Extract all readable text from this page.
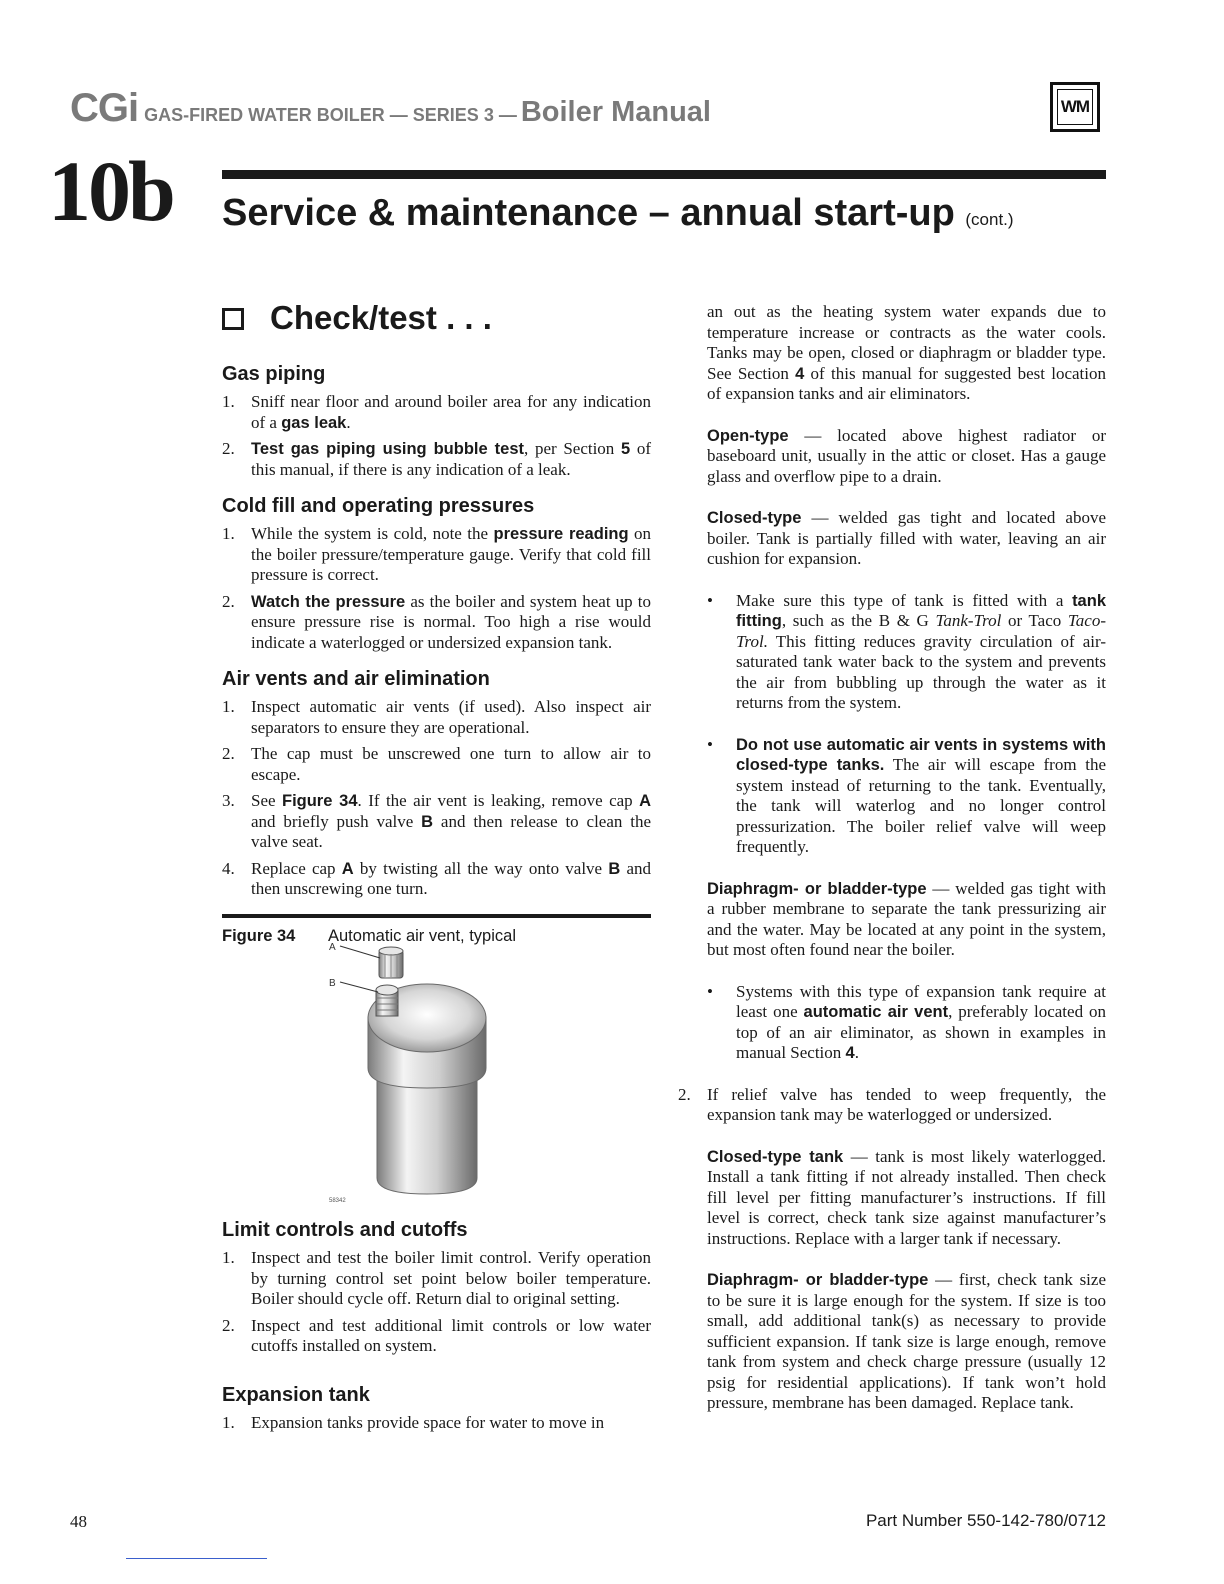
CGi GAS-FIRED WATER BOILER — SERIES 3 — Boiler Manual	WM
10b Service & maintenance – annual start-up (cont.)
Check/test . . .
Gas piping
1. Sniff near floor and around boiler area for any indication of a gas leak.
2. Test gas piping using bubble test, per Section 5 of this manual, if there is any indication of a leak.
Cold fill and operating pressures
1. While the system is cold, note the pressure reading on the boiler pressure/temperature gauge. Verify that cold fill pressure is correct.
2. Watch the pressure as the boiler and system heat up to ensure pressure rise is normal. Too high a rise would indicate a waterlogged or undersized expansion tank.
Air vents and air elimination
1. Inspect automatic air vents (if used). Also inspect air separators to ensure they are operational.
2. The cap must be unscrewed one turn to allow air to escape.
3. See Figure 34. If the air vent is leaking, remove cap A and briefly push valve B and then release to clean the valve seat.
4. Replace cap A by twisting all the way onto valve B and then unscrewing one turn.
Figure 34 Automatic air vent, typical
A
B
58342
Limit controls and cutoffs
1. Inspect and test the boiler limit control. Verify operation by turning control set point below boiler temperature. Boiler should cycle off. Return dial to original setting.
2. Inspect and test additional limit controls or low water cutoffs installed on system.
Expansion tank
1. Expansion tanks provide space for water to move in

an out as the heating system water expands due to temperature increase or contracts as the water cools. Tanks may be open, closed or diaphragm or bladder type. See Section 4 of this manual for suggested best location of expansion tanks and air eliminators.

Open-type — located above highest radiator or baseboard unit, usually in the attic or closet. Has a gauge glass and overflow pipe to a drain.

Closed-type — welded gas tight and located above boiler. Tank is partially filled with water, leaving an air cushion for expansion.

• Make sure this type of tank is fitted with a tank fitting, such as the B & G Tank-Trol or Taco Taco-Trol. This fitting reduces gravity circulation of air-saturated tank water back to the system and prevents the air from bubbling up through the water as it returns from the system.
• Do not use automatic air vents in systems with closed-type tanks. The air will escape from the system instead of returning to the tank. Eventually, the tank will waterlog and no longer control pressurization. The boiler relief valve will weep frequently.

Diaphragm- or bladder-type — welded gas tight with a rubber membrane to separate the tank pressurizing air and the water. May be located at any point in the system, but most often found near the boiler.

• Systems with this type of expansion tank require at least one automatic air vent, preferably located on top of an air eliminator, as shown in examples in manual Section 4.
2. If relief valve has tended to weep frequently, the expansion tank may be waterlogged or undersized.

Closed-type tank — tank is most likely waterlogged. Install a tank fitting if not already installed. Then check fill level per fitting manufacturer’s instructions. If fill level is correct, check tank size against manufacturer’s instructions. Replace with a larger tank if necessary.

Diaphragm- or bladder-type — first, check tank size to be sure it is large enough for the system. If size is too small, add additional tank(s) as necessary to provide sufficient expansion. If tank size is large enough, remove tank from system and check charge pressure (usually 12 psig for residential applications). If tank won’t hold pressure, membrane has been damaged. Replace tank.

48	Part Number 550-142-780/0712
